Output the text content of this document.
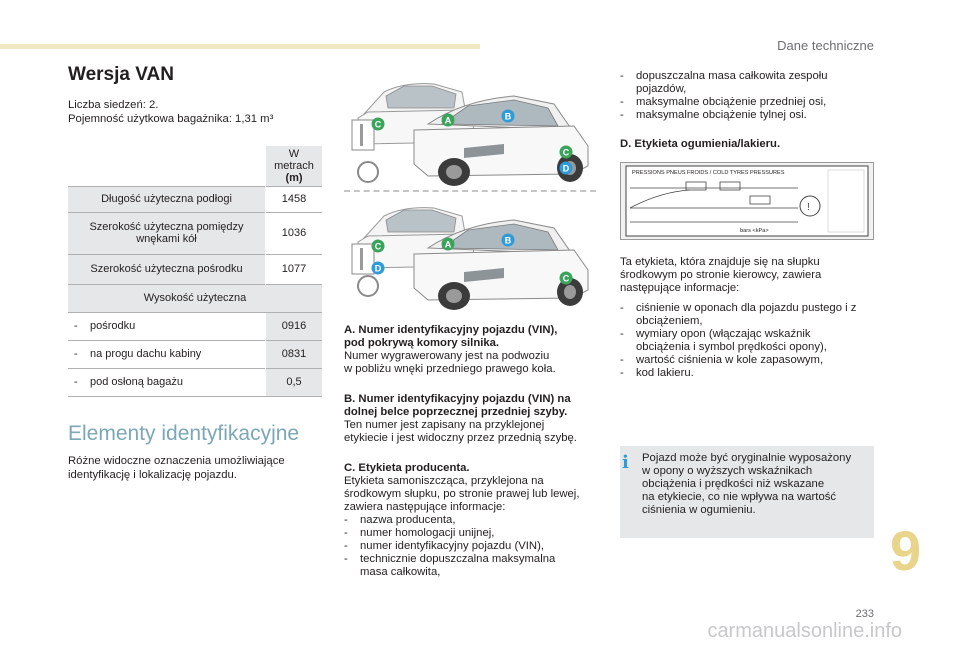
Dane techniczne
Wersja VAN
Liczba siedzeń: 2.
Pojemność użytkowa bagażnika: 1,31 m³

	W metrach
(m)

Długość użyteczna podłogi	1458
Szerokość użyteczna pomiędzy wnękami kół	1036
Szerokość użyteczna pośrodku	1077
Wysokość użyteczna	
- pośrodku	0916
- na progu dachu kabiny	0831
- pod osłoną bagażu	0,5
Elementy identyfikacyjne
Różne widoczne oznaczenia umożliwiające
identyfikację i lokalizację pojazdu.
C	A	B
C
D
C	A	B
D
C
A. Numer identyfikacyjny pojazdu (VIN),
pod pokrywą komory silnika.
Numer wygrawerowany jest na podwoziu
w pobliżu wnęki przedniego prawego koła.
B. Numer identyfikacyjny pojazdu (VIN) na
dolnej belce poprzecznej przedniej szyby.
Ten numer jest zapisany na przyklejonej
etykiecie i jest widoczny przez przednią szybę.
C. Etykieta producenta.
Etykieta samoniszcząca, przyklejona na
środkowym słupku, po stronie prawej lub lewej,
zawiera następujące informacje:
- nazwa producenta,
- numer homologacji unijnej,
- numer identyfikacyjny pojazdu (VIN),
- technicznie dopuszczalna maksymalna
masa całkowita,
- dopuszczalna masa całkowita zespołu
pojazdów,
- maksymalne obciążenie przedniej osi,
- maksymalne obciążenie tylnej osi.
D. Etykieta ogumienia/lakieru.
PRESSIONS PNEUS FROIDS / COLD TYRES PRESSURES
!
bars <kPa>
Ta etykieta, która znajduje się na słupku
środkowym po stronie kierowcy, zawiera
następujące informacje:
- ciśnienie w oponach dla pojazdu pustego i z
obciążeniem,
- wymiary opon (włączając wskaźnik
obciążenia i symbol prędkości opony),
- wartość ciśnienia w kole zapasowym,
- kod lakieru.
i	Pojazd może być oryginalnie wyposażony
w opony o wyższych wskaźnikach
obciążenia i prędkości niż wskazane
na etykiecie, co nie wpływa na wartość
ciśnienia w ogumieniu.
9
233
carmanualsonline.info
